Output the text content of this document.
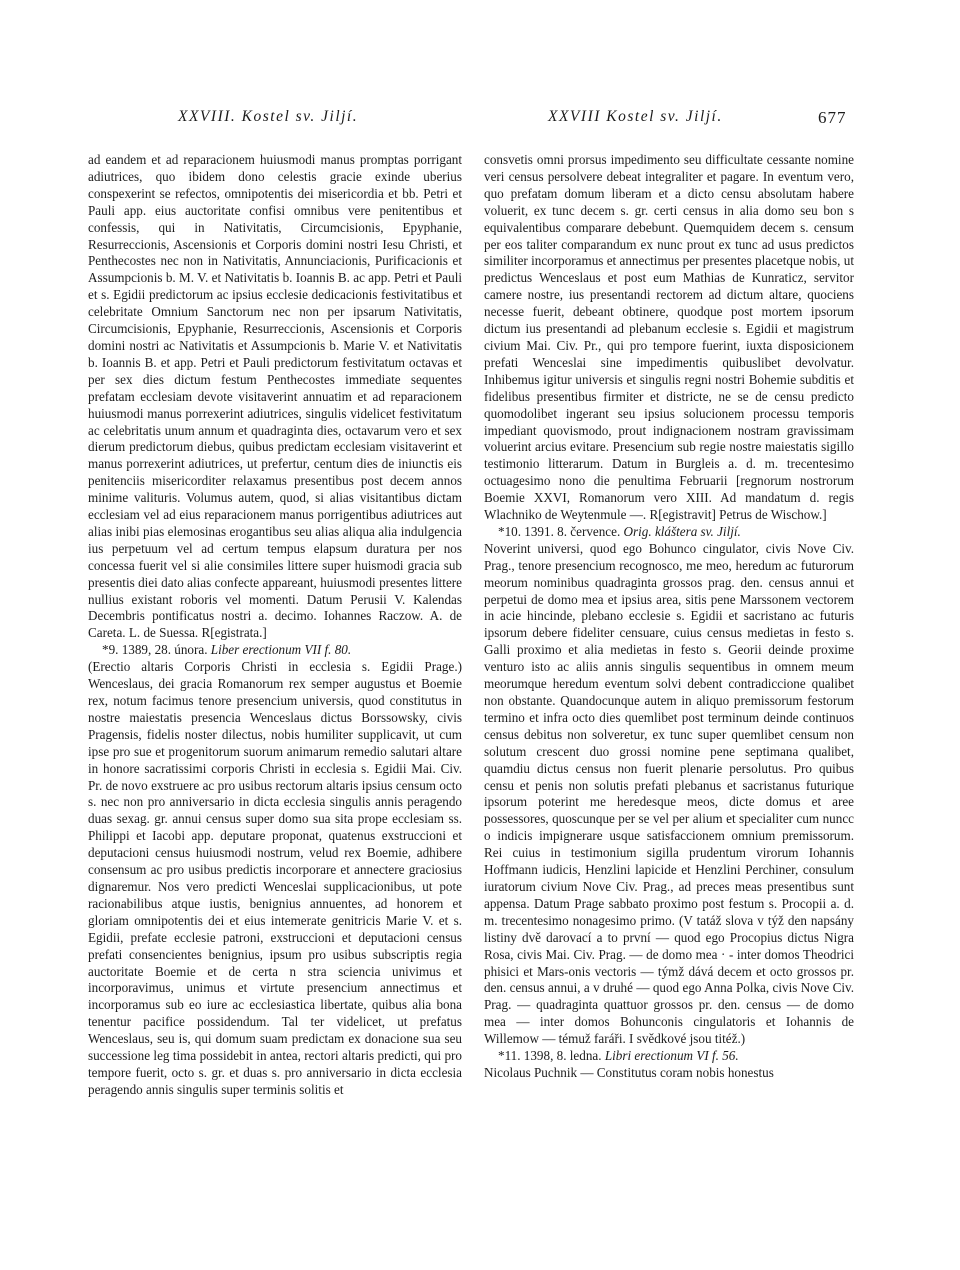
XXVIII. Kostel sv. Jiljí.	XXVIII Kostel sv. Jiljí.	677

ad eandem et ad reparacionem huiusmodi manus promptas porrigant adiutrices, quo ibidem dono celestis gracie exinde uberius conspexerint se refectos, omnipotentis dei misericordia et bb. Petri et Pauli app. eius auctoritate confisi omnibus vere penitentibus et confessis, qui in Nativitatis, Circumcisionis, Epyphanie, Resurreccionis, Ascensionis et Corporis domini nostri Iesu Christi, et Penthecostes nec non in Nativitatis, Annunciacionis, Purificacionis et Assumpcionis b. M. V. et Nativitatis b. Ioannis B. ac app. Petri et Pauli et s. Egidii predictorum ac ipsius ecclesie dedicacionis festivitatibus et celebritate Omnium Sanctorum nec non per ipsarum Nativitatis, Circumcisionis, Epyphanie, Resurreccionis, Ascensionis et Corporis domini nostri ac Nativitatis et Assumpcionis b. Marie V. et Nativitatis b. Ioannis B. et app. Petri et Pauli predictorum festivitatum octavas et per sex dies dictum festum Penthecostes immediate sequentes prefatam ecclesiam devote visitaverint annuatim et ad reparacionem huiusmodi manus porrexerint adiutrices, singulis videlicet festivitatum ac celebritatis unum annum et quadraginta dies, octavarum vero et sex dierum predictorum diebus, quibus predictam ecclesiam visitaverint et manus porrexerint adiutrices, ut prefertur, centum dies de iniunctis eis penitenciis misericorditer relaxamus presentibus post decem annos minime valituris. Volumus autem, quod, si alias visitantibus dictam ecclesiam vel ad eius reparacionem manus porrigentibus adiutrices aut alias inibi pias elemosinas erogantibus seu alias aliqua alia indulgencia ius perpetuum vel ad certum tempus elapsum duratura per nos concessa fuerit vel si alie consimiles littere super huismodi gracia sub presentis diei dato alias confecte appareant, huiusmodi presentes littere nullius existant roboris vel momenti. Datum Perusii V. Kalendas Decembris pontificatus nostri a. decimo. Iohannes Raczow. A. de Careta. L. de Suessa. R[egistrata.]

*9. 1389, 28. února. Liber erectionum VII f. 80.

(Erectio altaris Corporis Christi in ecclesia s. Egidii Prage.) Wenceslaus, dei gracia Romanorum rex semper augustus et Boemie rex, notum facimus tenore presencium universis, quod constitutus in nostre maiestatis presencia Wenceslaus dictus Borssowsky, civis Pragensis, fidelis noster dilectus, nobis humiliter supplicavit, ut cum ipse pro sue et progenitorum suorum animarum remedio salutari altare in honore sacratissimi corporis Christi in ecclesia s. Egidii Mai. Civ. Pr. de novo exstruere ac pro usibus rectorum altaris ipsius censum octo s. nec non pro anniversario in dicta ecclesia singulis annis peragendo duas sexag. gr. annui census super domo sua sita prope ecclesiam ss. Philippi et Iacobi app. deputare proponat, quatenus exstruccioni et deputacioni census huiusmodi nostrum, velud rex Boemie, adhibere consensum ac pro usibus predictis incorporare et annectere graciosius dignaremur. Nos vero predicti Wenceslai supplicacionibus, ut pote racionabilibus atque iustis, benignius annuentes, ad honorem et gloriam omnipotentis dei et eius intemerate genitricis Marie V. et s. Egidii, prefate ecclesie patroni, exstruccioni et deputacioni census prefati consencientes benignius, ipsum pro usibus subscriptis regia auctoritate Boemie et de certa n stra sciencia univimus et incorporavimus, unimus et virtute presencium annectimus et incorporamus sub eo iure ac ecclesiastica libertate, quibus alia bona tenentur pacifice possidendum. Tal ter videlicet, ut prefatus Wenceslaus, seu is, qui domum suam predictam ex donacione sua seu successione leg tima possidebit in antea, rectori altaris predicti, qui pro tempore fuerit, octo s. gr. et duas s. pro anniversario in dicta ecclesia peragendo annis singulis super terminis solitis et

consvetis omni prorsus impedimento seu difficultate cessante nomine veri census persolvere debeat integraliter et pagare. In eventum vero, quo prefatam domum liberam et a dicto censu absolutam habere voluerit, ex tunc decem s. gr. certi census in alia domo seu bon s equivalentibus comparare debebunt. Quemquidem decem s. censum per eos taliter comparandum ex nunc prout ex tunc ad usus predictos similiter incorporamus et annectimus per presentes placetque nobis, ut predictus Wenceslaus et post eum Mathias de Kunraticz, servitor camere nostre, ius presentandi rectorem ad dictum altare, quociens necesse fuerit, debeant obtinere, quodque post mortem ipsorum dictum ius presentandi ad plebanum ecclesie s. Egidii et magistrum civium Mai. Civ. Pr., qui pro tempore fuerint, iuxta disposicionem prefati Wenceslai sine impedimentis quibuslibet devolvatur. Inhibemus igitur universis et singulis regni nostri Bohemie subditis et fidelibus presentibus firmiter et districte, ne se de censu predicto quomodolibet ingerant seu ipsius solucionem processu temporis impediant quovismodo, prout indignacionem nostram gravissimam voluerint arcius evitare. Presencium sub regie nostre maiestatis sigillo testimonio litterarum. Datum in Burgleis a. d. m. trecentesimo octuagesimo nono die penultima Februarii [regnorum nostrorum Boemie XXVI, Romanorum vero XIII. Ad mandatum d. regis Wlachniko de Weytenmule —. R[egistravit] Petrus de Wischow.]

*10. 1391. 8. července. Orig. kláštera sv. Jiljí.

Noverint universi, quod ego Bohunco cingulator, civis Nove Civ. Prag., tenore presencium recognosco, me meo, heredum ac futurorum meorum nominibus quadraginta grossos prag. den. census annui et perpetui de domo mea et ipsius area, sitis pene Marssonem vectorem in acie hincinde, plebano ecclesie s. Egidii et sacristano ac futuris ipsorum debere fideliter censuare, cuius census medietas in festo s. Galli proximo et alia medietas in festo s. Georii deinde proxime venturo isto ac aliis annis singulis sequentibus in omnem meum meorumque heredum eventum solvi debent contradiccione qualibet non obstante. Quandocunque autem in aliquo premissorum festorum termino et infra octo dies quemlibet post terminum deinde continuos census debitus non solveretur, ex tunc super quemlibet censum non solutum crescent duo grossi nomine pene septimana qualibet, quamdiu dictus census non fuerit plenarie persolutus. Pro quibus censu et penis non solutis prefati plebanus et sacristanus futurique ipsorum poterint me heredesque meos, dicte domus et aree possessores, quoscunque per se vel per alium et specialiter cum nuncc o indicis impignerare usque satisfaccionem omnium premissorum. Rei cuius in testimonium sigilla prudentum virorum Iohannis Hoffmann iudicis, Henzlini lapicide et Henzlini Perchiner, consulum iuratorum civium Nove Civ. Prag., ad preces meas presentibus sunt appensa. Datum Prage sabbato proximo post festum s. Procopii a. d. m. trecentesimo nonagesimo primo. (V tatáž slova v týž den napsány listiny dvě darovací a to první — quod ego Procopius dictus Nigra Rosa, civis Mai. Civ. Prag. — de domo mea · - inter domos Theodrici phisici et Mars-onis vectoris — týmž dává decem et octo grossos pr. den. census annui, a v druhé — quod ego Anna Polka, civis Nove Civ. Prag. — quadraginta quattuor grossos pr. den. census — de domo mea — inter domos Bohunconis cingulatoris et Iohannis de Willemow — témuž faráři. I svědkové jsou titéž.)

*11. 1398, 8. ledna. Libri erectionum VI f. 56.

Nicolaus Puchnik — Constitutus coram nobis honestus
